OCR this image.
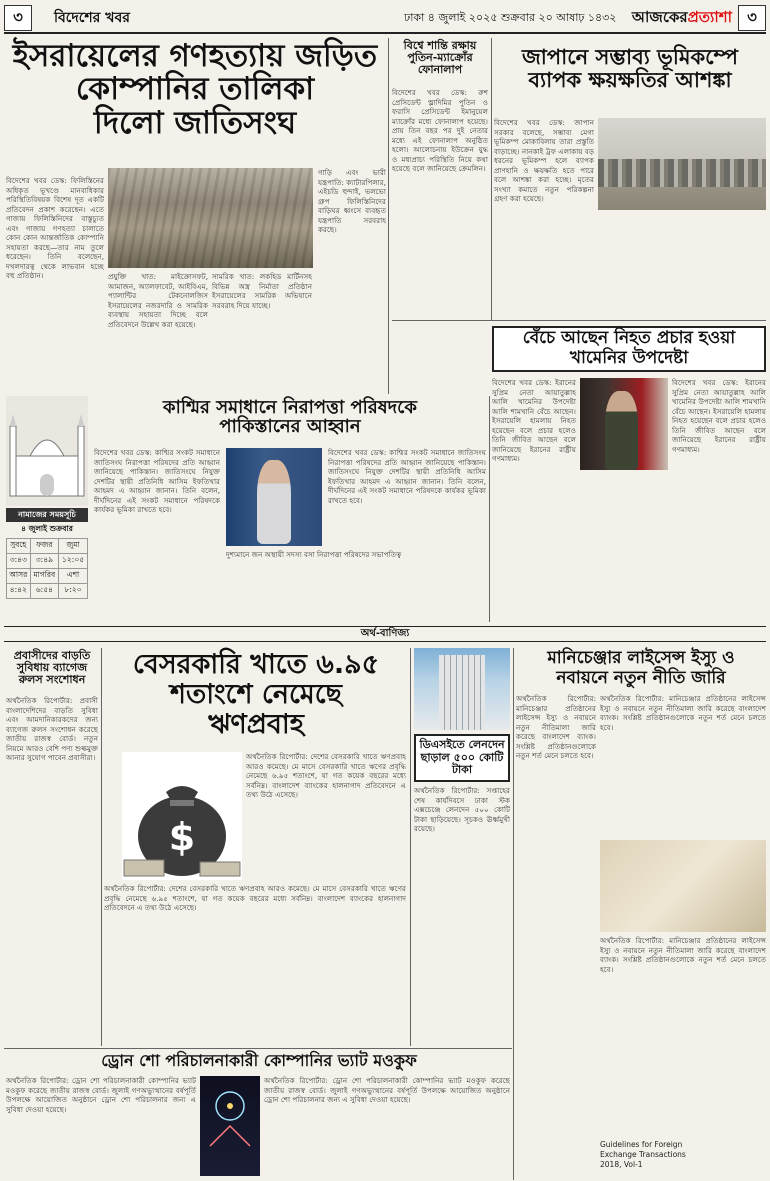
৩	বিদেশের খবর	ঢাকা ৪ জুলাই ২০২৫ শুক্রবার ২০ আষাঢ় ১৪৩২ আজকেরপ্রত্যাশা	৩
ইসরায়েলের গণহত্যায় জড়িত
কোম্পানির তালিকা
দিলো জাতিসংঘ
বিদেশের খবর ডেস্ক: ফিলিস্তিনের অধিকৃত ভূখণ্ডে মানবাধিকার পরিস্থিতিবিষয়ক বিশেষ দূত একটি প্রতিবেদন প্রকাশ করেছেন। এতে গাজায় ফিলিস্তিনিদের বাস্তুচ্যুত এবং গাজায় গণহত্যা চালাতে কোন কোন আন্তর্জাতিক কোম্পানি সহায়তা করছে—তার নাম তুলে ধরেছেন। তিনি বলেছেন, দখলদারত্ব থেকে লাভবান হচ্ছে বহু প্রতিষ্ঠান।	প্রযুক্তি খাত: মাইক্রোসফট, আমাজন, অ্যালফাবেট, আইবিএম, প্যালান্টির টেকনোলজিস ইসরায়েলের নজরদারি ও সামরিক ব্যবস্থায় সহায়তা দিচ্ছে বলে প্রতিবেদনে উল্লেখ করা হয়েছে।
সামরিক খাত: লকহিড মার্টিনসহ বিভিন্ন অস্ত্র নির্মাতা প্রতিষ্ঠান ইসরায়েলের সামরিক অভিযানে সরবরাহ দিয়ে যাচ্ছে।
গাড়ি এবং ভারী যন্ত্রপাতি: ক্যাটারপিলার, এইচডি হুন্দাই, ভলভো গ্রুপ ফিলিস্তিনিদের বাড়িঘর ধ্বংসে ব্যবহৃত যন্ত্রপাতি সরবরাহ করছে।
বিশ্বে শান্তি রক্ষায়
পুতিন-ম্যাক্রোঁর
ফোনালাপ
বিদেশের খবর ডেস্ক: রুশ প্রেসিডেন্ট ভ্লাদিমির পুতিন ও ফরাসি প্রেসিডেন্ট ইমানুয়েল ম্যাক্রোঁর মধ্যে ফোনালাপ হয়েছে। প্রায় তিন বছর পর দুই নেতার মধ্যে এই ফোনালাপ অনুষ্ঠিত হলো। আলোচনায় ইউক্রেন যুদ্ধ ও মধ্যপ্রাচ্য পরিস্থিতি নিয়ে কথা হয়েছে বলে জানিয়েছে ক্রেমলিন।
জাপানে সম্ভাব্য ভূমিকম্পে
ব্যাপক ক্ষয়ক্ষতির আশঙ্কা
বিদেশের খবর ডেস্ক: জাপান সরকার বলেছে, সম্ভাব্য মেগা ভূমিকম্প মোকাবিলায় তারা প্রস্তুতি বাড়াচ্ছে। নানকাই ট্রফ এলাকায় বড় ধরনের ভূমিকম্প হলে ব্যাপক প্রাণহানি ও ক্ষয়ক্ষতি হতে পারে বলে আশঙ্কা করা হচ্ছে। মৃতের সংখ্যা কমাতে নতুন পরিকল্পনা গ্রহণ করা হয়েছে।
বেঁচে আছেন নিহত প্রচার হওয়া
খামেনির উপদেষ্টা
বিদেশের খবর ডেস্ক: ইরানের সুপ্রিম নেতা আয়াতুল্লাহ আলি খামেনির উপদেষ্টা আলি শামখানি বেঁচে আছেন। ইসরায়েলি হামলায় নিহত হয়েছেন বলে প্রচার হলেও তিনি জীবিত আছেন বলে জানিয়েছে ইরানের রাষ্ট্রীয় গণমাধ্যম।
বিদেশের খবর ডেস্ক: ইরানের সুপ্রিম নেতা আয়াতুল্লাহ আলি খামেনির উপদেষ্টা আলি শামখানি বেঁচে আছেন। ইসরায়েলি হামলায় নিহত হয়েছেন বলে প্রচার হলেও তিনি জীবিত আছেন বলে জানিয়েছে ইরানের রাষ্ট্রীয় গণমাধ্যম।
নামাজের সময়সূচি
৪ জুলাই শুক্রবার
সুবহে	ফজর	জুমা
৩:৪৩	৩:৪৯	১২:০৫
আসর	মাগরিব	এশা
৪:৪২	৬:৫৪	৮:২০
কাশ্মির সমাধানে নিরাপত্তা পরিষদকে
পাকিস্তানের আহ্বান
বিদেশের খবর ডেস্ক: কাশ্মির সংকট সমাধানে জাতিসংঘ নিরাপত্তা পরিষদের প্রতি আহ্বান জানিয়েছে পাকিস্তান। জাতিসংঘে নিযুক্ত দেশটির স্থায়ী প্রতিনিধি আসিম ইফতিখার আহমদ এ আহ্বান জানান। তিনি বলেন, দীর্ঘদিনের এই সংকট সমাধানে পরিষদকে কার্যকর ভূমিকা রাখতে হবে।
দুশ্যমানে জন অস্থায়ী সদস্য বসা নিরাপত্তা পরিষদের সভাপতিত্ব
বিদেশের খবর ডেস্ক: কাশ্মির সংকট সমাধানে জাতিসংঘ নিরাপত্তা পরিষদের প্রতি আহ্বান জানিয়েছে পাকিস্তান। জাতিসংঘে নিযুক্ত দেশটির স্থায়ী প্রতিনিধি আসিম ইফতিখার আহমদ এ আহ্বান জানান। তিনি বলেন, দীর্ঘদিনের এই সংকট সমাধানে পরিষদকে কার্যকর ভূমিকা রাখতে হবে।
অর্থ-বাণিজ্য
প্রবাসীদের বাড়তি
সুবিধায় ব্যাগেজ
রুলস সংশোধন
অর্থনৈতিক রিপোর্টার: প্রবাসী বাংলাদেশিদের বাড়তি সুবিধা এবং আমদানিকারকদের জন্য ব্যাগেজ রুলস সংশোধন করেছে জাতীয় রাজস্ব বোর্ড। নতুন নিয়মে আরও বেশি পণ্য শুল্কমুক্ত আনার সুযোগ পাবেন প্রবাসীরা।
বেসরকারি খাতে ৬.৯৫
শতাংশে নেমেছে
ঋণপ্রবাহ
$
অর্থনৈতিক রিপোর্টার: দেশের বেসরকারি খাতে ঋণপ্রবাহ আরও কমেছে। মে মাসে বেসরকারি খাতে ঋণের প্রবৃদ্ধি নেমেছে ৬.৯৫ শতাংশে, যা গত কয়েক বছরের মধ্যে সর্বনিম্ন। বাংলাদেশ ব্যাংকের হালনাগাদ প্রতিবেদনে এ তথ্য উঠে এসেছে।
অর্থনৈতিক রিপোর্টার: দেশের বেসরকারি খাতে ঋণপ্রবাহ আরও কমেছে। মে মাসে বেসরকারি খাতে ঋণের প্রবৃদ্ধি নেমেছে ৬.৯৫ শতাংশে, যা গত কয়েক বছরের মধ্যে সর্বনিম্ন। বাংলাদেশ ব্যাংকের হালনাগাদ প্রতিবেদনে এ তথ্য উঠে এসেছে।
ডিএসইতে লেনদেন
ছাড়াল ৫০০ কোটি
টাকা
অর্থনৈতিক রিপোর্টার: সপ্তাহের শেষ কার্যদিবসে ঢাকা স্টক এক্সচেঞ্জে লেনদেন ৫০০ কোটি টাকা ছাড়িয়েছে। সূচকও ঊর্ধ্বমুখী রয়েছে।
মানিচেঞ্জার লাইসেন্স ইস্যু ও
নবায়নে নতুন নীতি জারি
অর্থনৈতিক রিপোর্টার: মানিচেঞ্জার প্রতিষ্ঠানের লাইসেন্স ইস্যু ও নবায়নে নতুন নীতিমালা জারি করেছে বাংলাদেশ ব্যাংক। সংশ্লিষ্ট প্রতিষ্ঠানগুলোকে নতুন শর্ত মেনে চলতে হবে।
অর্থনৈতিক রিপোর্টার: মানিচেঞ্জার প্রতিষ্ঠানের লাইসেন্স ইস্যু ও নবায়নে নতুন নীতিমালা জারি করেছে বাংলাদেশ ব্যাংক। সংশ্লিষ্ট প্রতিষ্ঠানগুলোকে নতুন শর্ত মেনে চলতে হবে।
অর্থনৈতিক রিপোর্টার: মানিচেঞ্জার প্রতিষ্ঠানের লাইসেন্স ইস্যু ও নবায়নে নতুন নীতিমালা জারি করেছে বাংলাদেশ ব্যাংক। সংশ্লিষ্ট প্রতিষ্ঠানগুলোকে নতুন শর্ত মেনে চলতে হবে।
Guidelines for Foreign
Exchange Transactions
2018, Vol-1
ড্রোন শো পরিচালনাকারী কোম্পানির ভ্যাট মওকুফ
অর্থনৈতিক রিপোর্টার: ড্রোন শো পরিচালনাকারী কোম্পানির ভ্যাট মওকুফ করেছে জাতীয় রাজস্ব বোর্ড। জুলাই গণঅভ্যুত্থানের বর্ষপূর্তি উপলক্ষে আয়োজিত অনুষ্ঠানে ড্রোন শো পরিচালনার জন্য এ সুবিধা দেওয়া হয়েছে।
অর্থনৈতিক রিপোর্টার: ড্রোন শো পরিচালনাকারী কোম্পানির ভ্যাট মওকুফ করেছে জাতীয় রাজস্ব বোর্ড। জুলাই গণঅভ্যুত্থানের বর্ষপূর্তি উপলক্ষে আয়োজিত অনুষ্ঠানে ড্রোন শো পরিচালনার জন্য এ সুবিধা দেওয়া হয়েছে।
